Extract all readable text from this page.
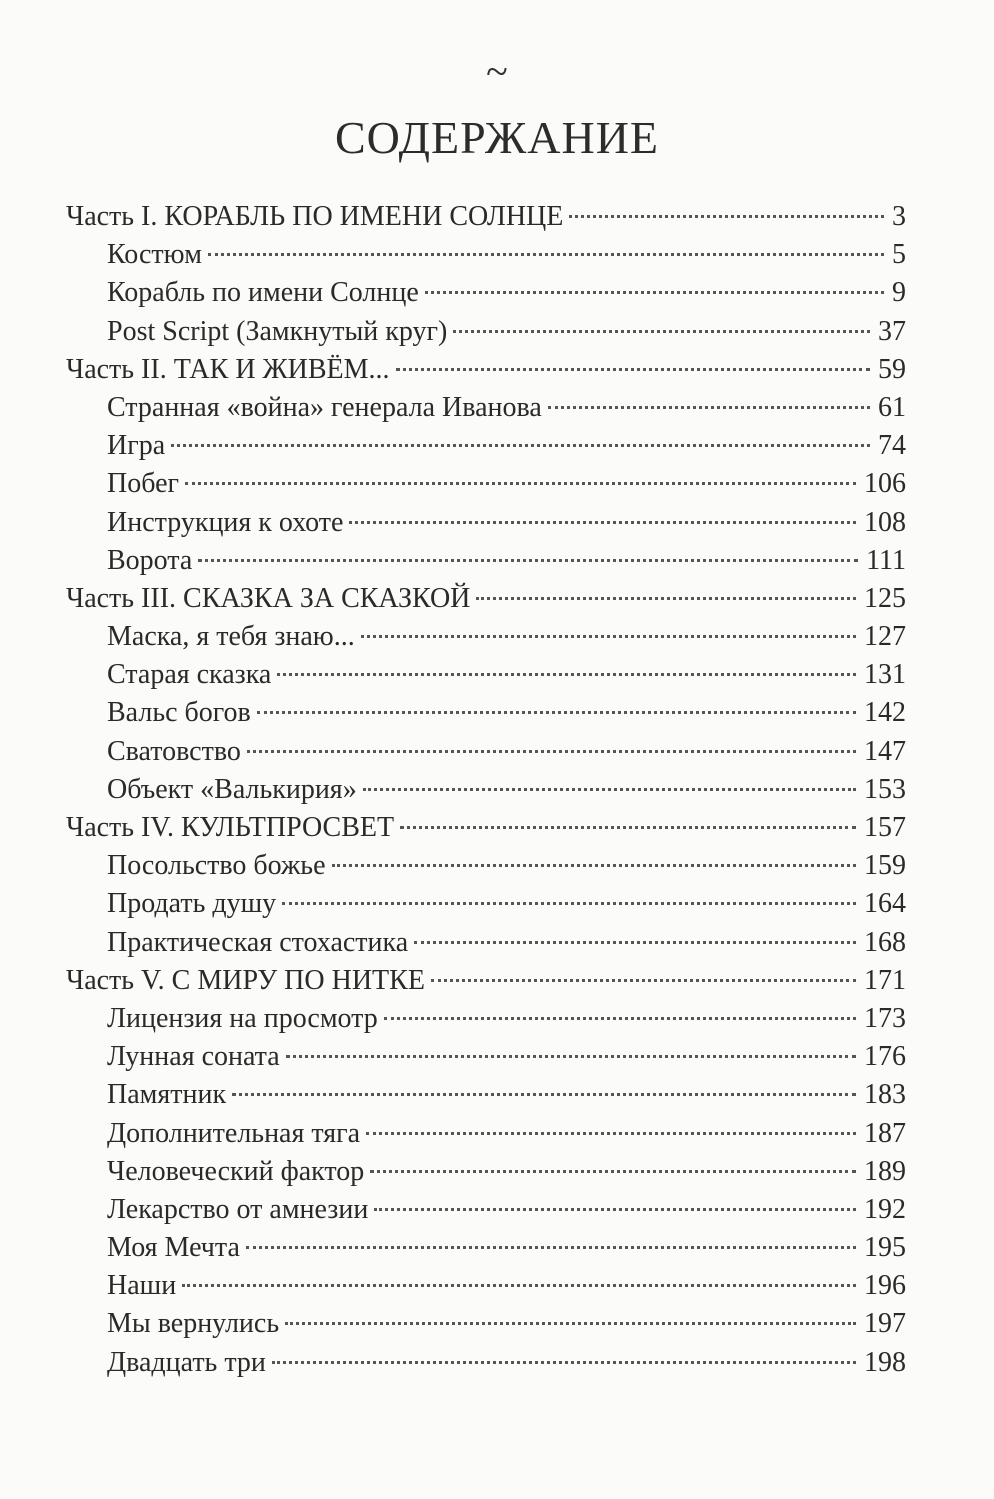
~
СОДЕРЖАНИЕ
Часть I. КОРАБЛЬ ПО ИМЕНИ СОЛНЦЕ	3
Костюм	5
Корабль по имени Солнце	9
Post Script (Замкнутый круг)	37
Часть II. ТАК И ЖИВЁМ...	59
Странная «война» генерала Иванова	61
Игра	74
Побег	106
Инструкция к охоте	108
Ворота	111
Часть III. СКАЗКА ЗА СКАЗКОЙ	125
Маска, я тебя знаю...	127
Старая сказка	131
Вальс богов	142
Сватовство	147
Объект «Валькирия»	153
Часть IV. КУЛЬТПРОСВЕТ	157
Посольство божье	159
Продать душу	164
Практическая стохастика	168
Часть V. С МИРУ ПО НИТКЕ	171
Лицензия на просмотр	173
Лунная соната	176
Памятник	183
Дополнительная тяга	187
Человеческий фактор	189
Лекарство от амнезии	192
Моя Мечта	195
Наши	196
Мы вернулись	197
Двадцать три	198
